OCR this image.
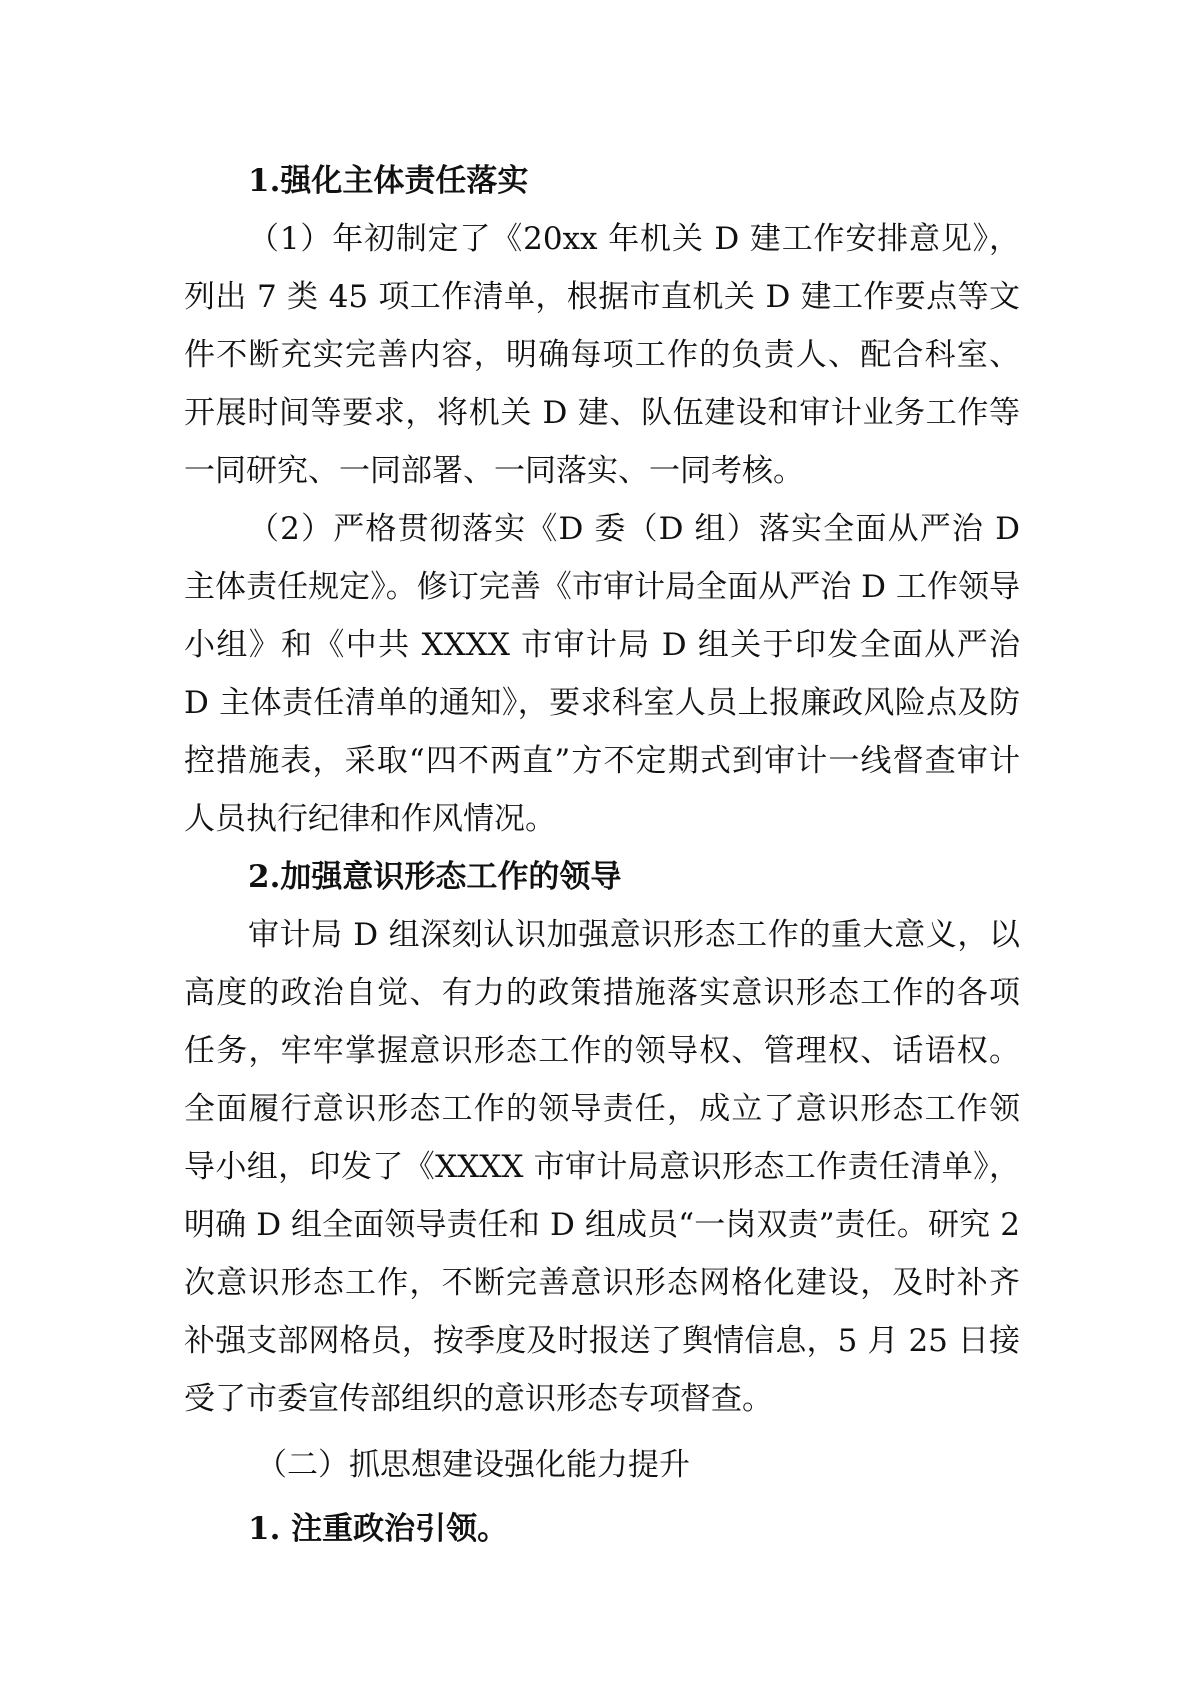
1.强化主体责任落实

（1）年初制定了《20xx 年机关 D 建工作安排意见》，列出 7 类 45 项工作清单，根据市直机关 D 建工作要点等文件不断充实完善内容，明确每项工作的负责人、配合科室、开展时间等要求，将机关 D 建、队伍建设和审计业务工作等一同研究、一同部署、一同落实、一同考核。

（2）严格贯彻落实《D 委（D 组）落实全面从严治 D 主体责任规定》。修订完善《市审计局全面从严治 D 工作领导小组》和《中共 XXXX 市审计局 D 组关于印发全面从严治 D 主体责任清单的通知》，要求科室人员上报廉政风险点及防控措施表，采取“四不两直”方不定期式到审计一线督查审计人员执行纪律和作风情况。

2.加强意识形态工作的领导

审计局 D 组深刻认识加强意识形态工作的重大意义，以高度的政治自觉、有力的政策措施落实意识形态工作的各项任务，牢牢掌握意识形态工作的领导权、管理权、话语权。全面履行意识形态工作的领导责任，成立了意识形态工作领导小组，印发了《XXXX 市审计局意识形态工作责任清单》，明确 D 组全面领导责任和 D 组成员“一岗双责”责任。研究 2 次意识形态工作，不断完善意识形态网格化建设，及时补齐补强支部网格员，按季度及时报送了舆情信息，5 月 25 日接受了市委宣传部组织的意识形态专项督查。

（二）抓思想建设强化能力提升

1. 注重政治引领。
